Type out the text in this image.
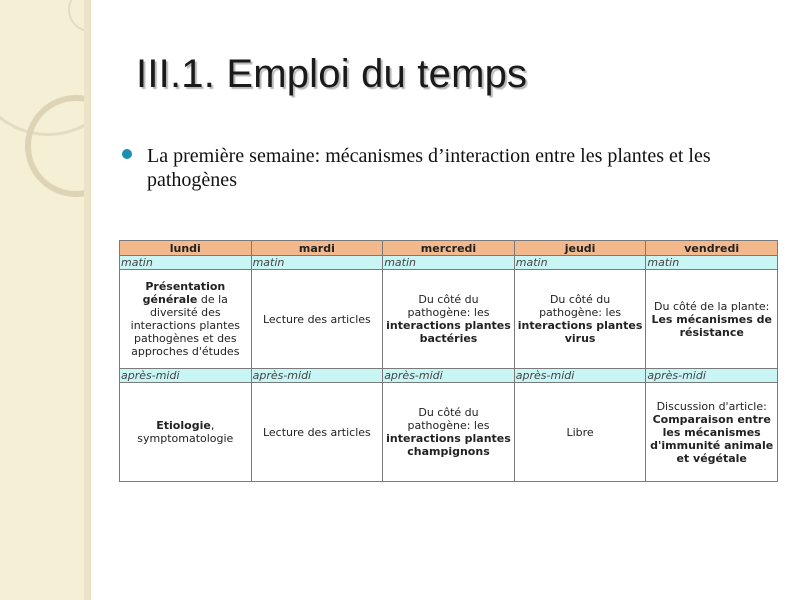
III.1. Emploi du temps
La première semaine: mécanismes d’interaction entre les plantes et les pathogènes
lundi	mardi	mercredi	jeudi	vendredi
matin	matin	matin	matin	matin
Présentation générale de la diversité des interactions plantes pathogènes et des approches d'études	Lecture des articles	Du côté du pathogène: les interactions plantes bactéries	Du côté du pathogène: les interactions plantes virus	Du côté de la plante: Les mécanismes de résistance
après-midi	après-midi	après-midi	après-midi	après-midi
Etiologie, symptomatologie	Lecture des articles	Du côté du pathogène: les interactions plantes champignons	Libre	Discussion d'article: Comparaison entre les mécanismes d'immunité animale et végétale
